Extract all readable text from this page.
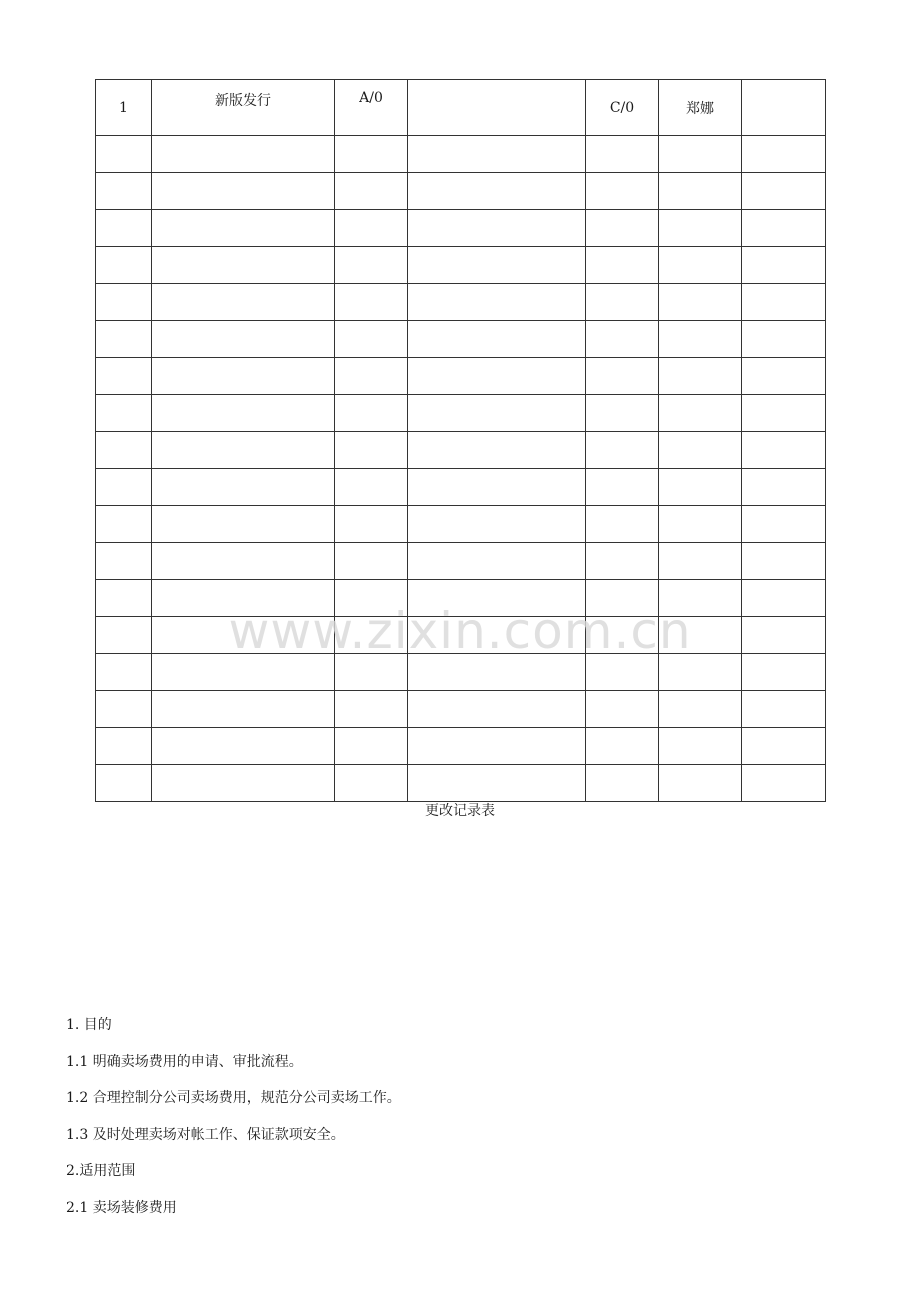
1	新版发行	A/0		C/0	郑娜	

更改记录表
www.zixin.com.cn

1. 目的

1.1 明确卖场费用的申请、审批流程。

1.2 合理控制分公司卖场费用，规范分公司卖场工作。

1.3 及时处理卖场对帐工作、保证款项安全。

2.适用范围

2.1 卖场装修费用
